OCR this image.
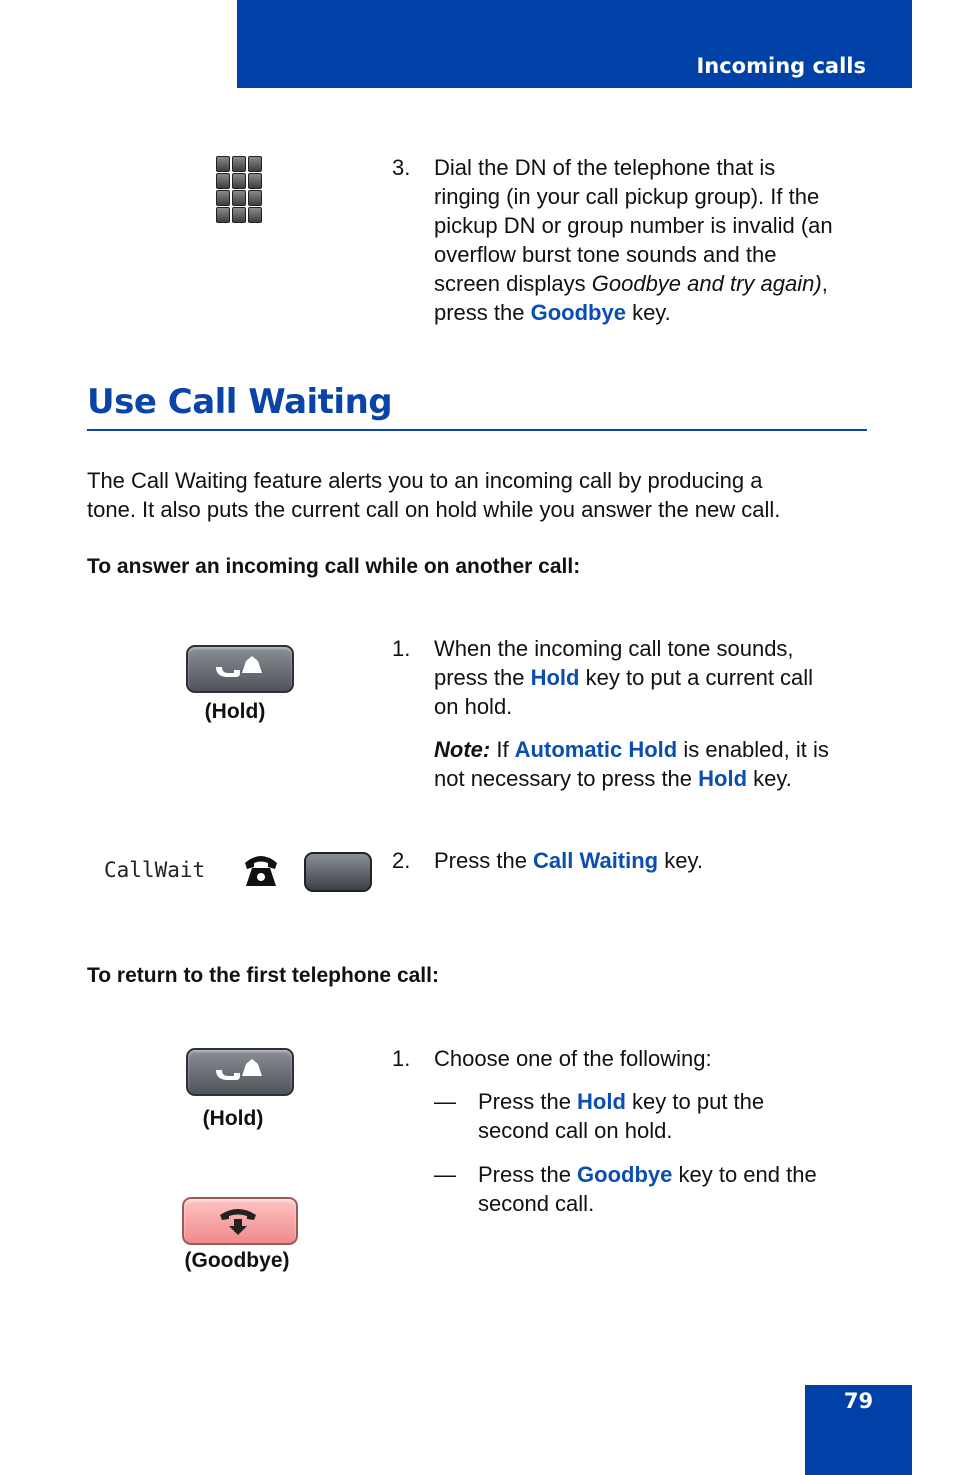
Incoming calls
3. Dial the DN of the telephone that is
ringing (in your call pickup group). If the
pickup DN or group number is invalid (an
overflow burst tone sounds and the
screen displays Goodbye and try again),
press the Goodbye key.
Use Call Waiting
The Call Waiting feature alerts you to an incoming call by producing a
tone. It also puts the current call on hold while you answer the new call.
To answer an incoming call while on another call:
(Hold)
1. When the incoming call tone sounds,
press the Hold key to put a current call
on hold.
Note: If Automatic Hold is enabled, it is
not necessary to press the Hold key.
CallWait	2. Press the Call Waiting key.
To return to the first telephone call:
(Hold)
(Goodbye)
1. Choose one of the following:
— Press the Hold key to put the
second call on hold.
— Press the Goodbye key to end the
second call.
79
